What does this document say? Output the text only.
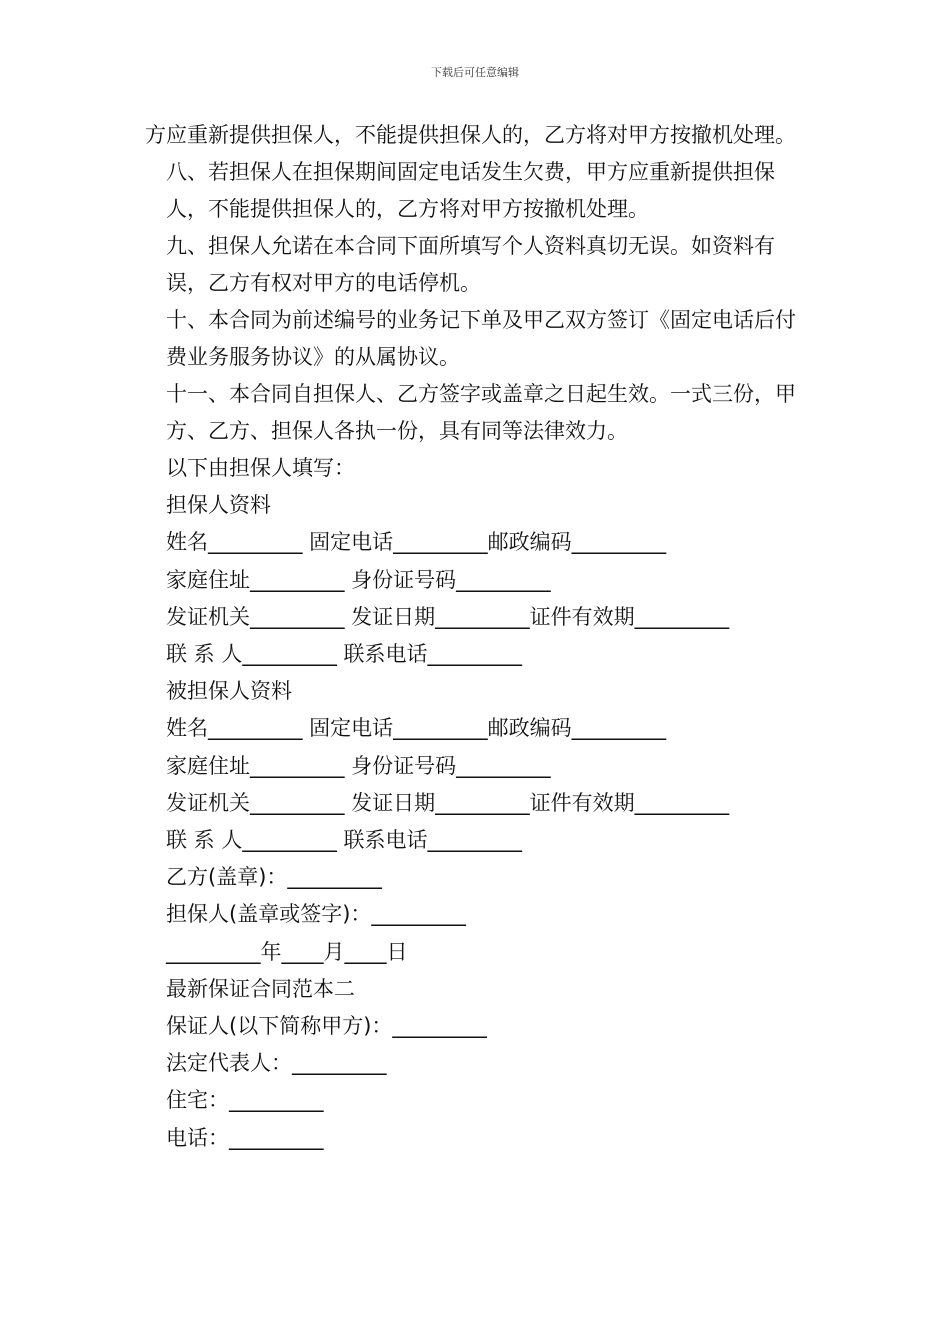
下载后可任意编辑

方应重新提供担保人，不能提供担保人的，乙方将对甲方按撤机处理。

八、若担保人在担保期间固定电话发生欠费，甲方应重新提供担保人，不能提供担保人的，乙方将对甲方按撤机处理。

九、担保人允诺在本合同下面所填写个人资料真切无误。如资料有误，乙方有权对甲方的电话停机。

十、本合同为前述编号的业务记下单及甲乙双方签订《固定电话后付费业务服务协议》的从属协议。

十一、本合同自担保人、乙方签字或盖章之日起生效。一式三份，甲方、乙方、担保人各执一份，具有同等法律效力。

以下由担保人填写：

担保人资料

姓名_________ 固定电话_________邮政编码_________

家庭住址_________ 身份证号码_________

发证机关_________ 发证日期_________证件有效期_________

联 系 人_________ 联系电话_________

被担保人资料

姓名_________ 固定电话_________邮政编码_________

家庭住址_________ 身份证号码_________

发证机关_________ 发证日期_________证件有效期_________

联 系 人_________ 联系电话_________

乙方(盖章)：_________

担保人(盖章或签字)：_________

_________年____月____日

最新保证合同范本二

保证人(以下简称甲方)：_________

法定代表人：_________

住宅：_________

电话：_________
